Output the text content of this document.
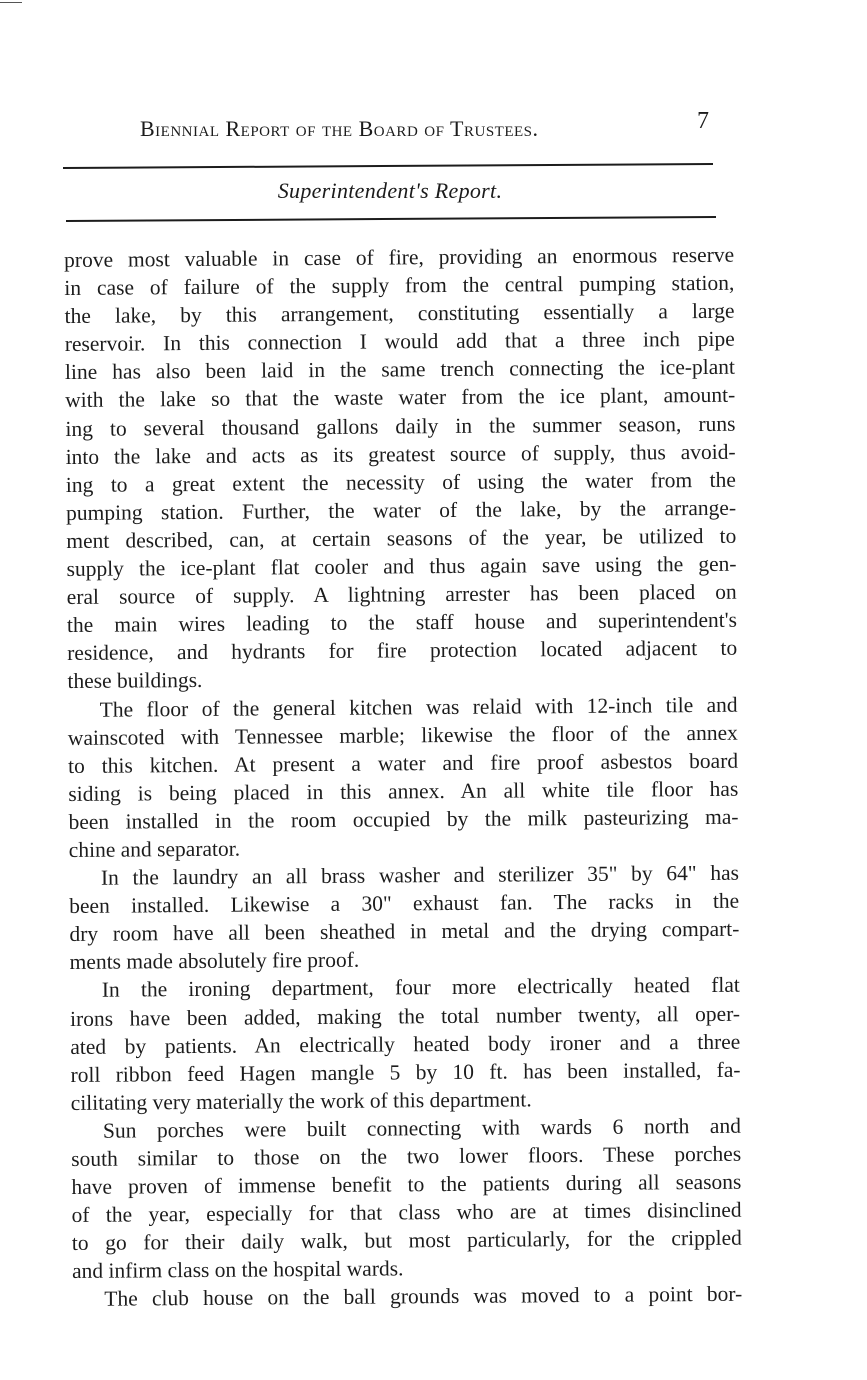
Biennial Report of the Board of Trustees.	7
Superintendent's Report.
prove most valuable in case of fire, providing an enormous reserve
in case of failure of the supply from the central pumping station,
the lake, by this arrangement, constituting essentially a large
reservoir. In this connection I would add that a three inch pipe
line has also been laid in the same trench connecting the ice-plant
with the lake so that the waste water from the ice plant, amount-
ing to several thousand gallons daily in the summer season, runs
into the lake and acts as its greatest source of supply, thus avoid-
ing to a great extent the necessity of using the water from the
pumping station. Further, the water of the lake, by the arrange-
ment described, can, at certain seasons of the year, be utilized to
supply the ice-plant flat cooler and thus again save using the gen-
eral source of supply. A lightning arrester has been placed on
the main wires leading to the staff house and superintendent's
residence, and hydrants for fire protection located adjacent to
these buildings.
The floor of the general kitchen was relaid with 12-inch tile and
wainscoted with Tennessee marble; likewise the floor of the annex
to this kitchen. At present a water and fire proof asbestos board
siding is being placed in this annex. An all white tile floor has
been installed in the room occupied by the milk pasteurizing ma-
chine and separator.
In the laundry an all brass washer and sterilizer 35" by 64" has
been installed. Likewise a 30" exhaust fan. The racks in the
dry room have all been sheathed in metal and the drying compart-
ments made absolutely fire proof.
In the ironing department, four more electrically heated flat
irons have been added, making the total number twenty, all oper-
ated by patients. An electrically heated body ironer and a three
roll ribbon feed Hagen mangle 5 by 10 ft. has been installed, fa-
cilitating very materially the work of this department.
Sun porches were built connecting with wards 6 north and
south similar to those on the two lower floors. These porches
have proven of immense benefit to the patients during all seasons
of the year, especially for that class who are at times disinclined
to go for their daily walk, but most particularly, for the crippled
and infirm class on the hospital wards.
The club house on the ball grounds was moved to a point bor-
